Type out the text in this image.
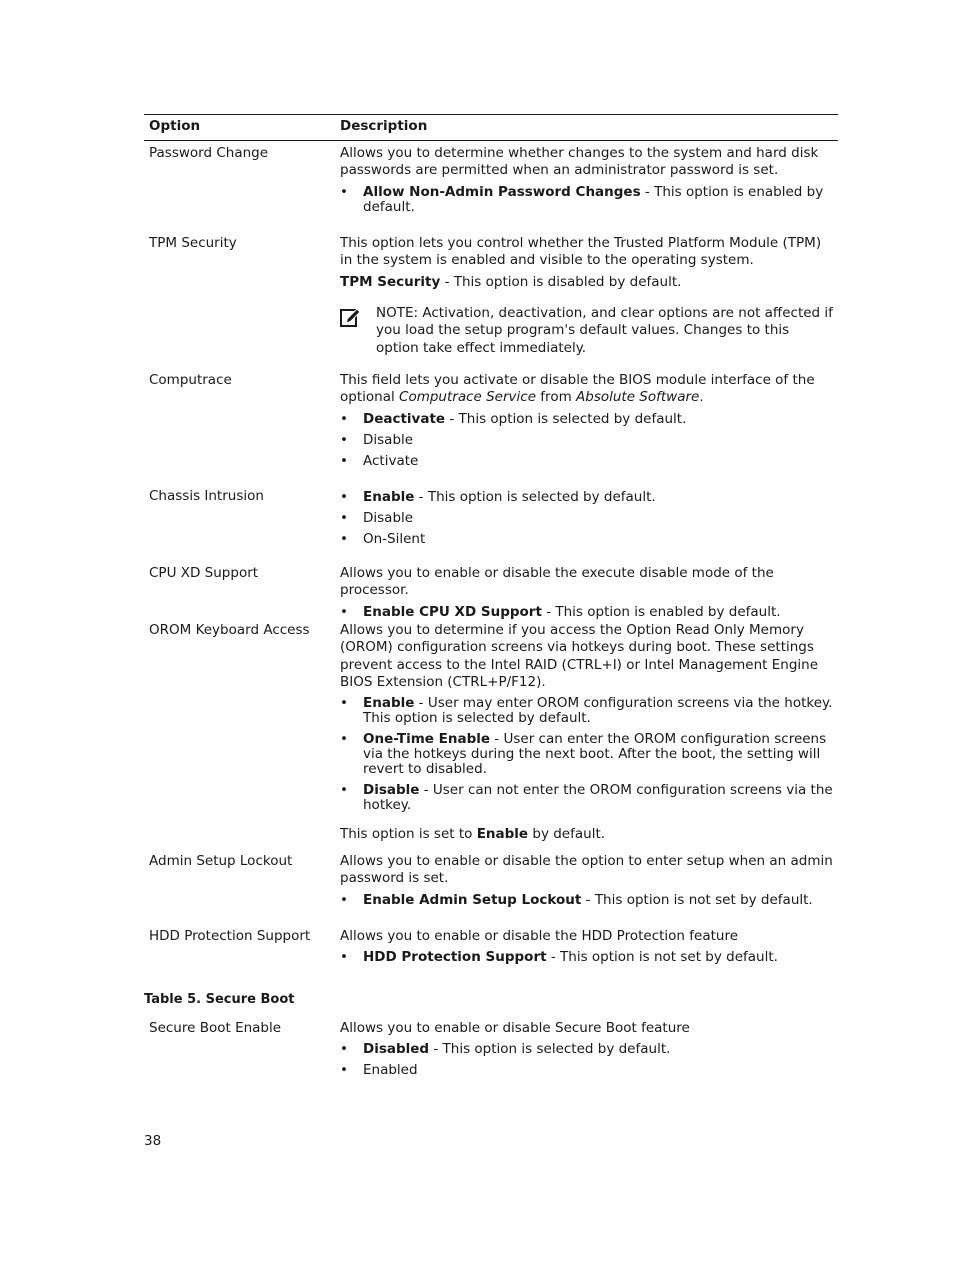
Option	Description
Password Change	Allows you to determine whether changes to the system and hard disk passwords are permitted when an administrator password is set.

• Allow Non-Admin Password Changes - This option is enabled by default.
TPM Security	This option lets you control whether the Trusted Platform Module (TPM) in the system is enabled and visible to the operating system.

TPM Security - This option is disabled by default.

NOTE: Activation, deactivation, and clear options are not affected if you load the setup program's default values. Changes to this option take effect immediately.
Computrace	This field lets you activate or disable the BIOS module interface of the optional Computrace Service from Absolute Software.

• Deactivate - This option is selected by default.
• Disable
• Activate
Chassis Intrusion
•	Enable - This option is selected by default.
• Disable
• On-Silent
CPU XD Support	Allows you to enable or disable the execute disable mode of the processor.

• Enable CPU XD Support - This option is enabled by default.
OROM Keyboard Access Allows you to determine if you access the Option Read Only Memory (OROM) configuration screens via hotkeys during boot. These settings prevent access to the Intel RAID (CTRL+I) or Intel Management Engine BIOS Extension (CTRL+P/F12).

• Enable - User may enter OROM configuration screens via the hotkey. This option is selected by default.
• One-Time Enable - User can enter the OROM configuration screens via the hotkeys during the next boot. After the boot, the setting will revert to disabled.
• Disable - User can not enter the OROM configuration screens via the hotkey.

This option is set to Enable by default.

Admin Setup Lockout	Allows you to enable or disable the option to enter setup when an admin password is set.

• Enable Admin Setup Lockout - This option is not set by default.
HDD Protection Support Allows you to enable or disable the HDD Protection feature

• HDD Protection Support - This option is not set by default.
Table 5. Secure Boot
Secure Boot Enable	Allows you to enable or disable Secure Boot feature

• Disabled - This option is selected by default.
• Enabled
38
